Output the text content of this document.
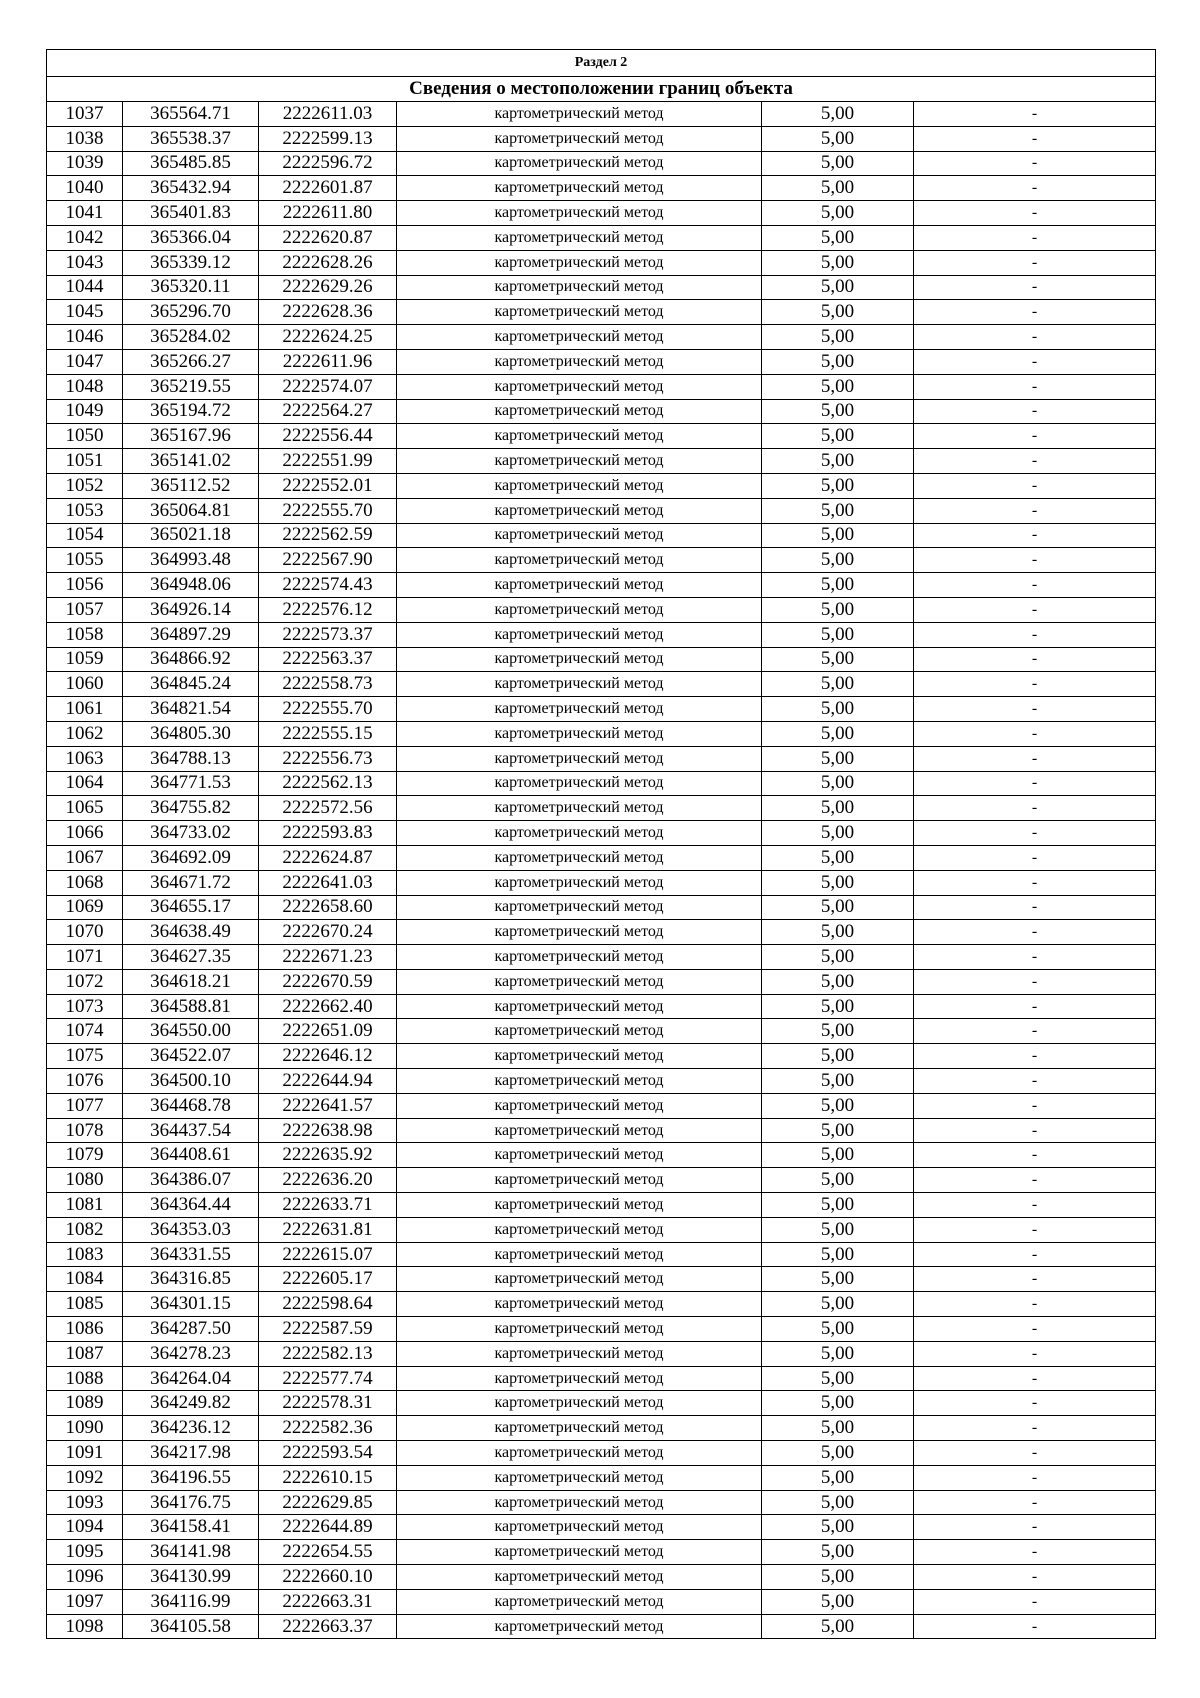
Раздел 2					
Сведения о местоположении границ объекта					
1037	365564.71	2222611.03	картометрический метод	5,00	-
1038	365538.37	2222599.13	картометрический метод	5,00	-
1039	365485.85	2222596.72	картометрический метод	5,00	-
1040	365432.94	2222601.87	картометрический метод	5,00	-
1041	365401.83	2222611.80	картометрический метод	5,00	-
1042	365366.04	2222620.87	картометрический метод	5,00	-
1043	365339.12	2222628.26	картометрический метод	5,00	-
1044	365320.11	2222629.26	картометрический метод	5,00	-
1045	365296.70	2222628.36	картометрический метод	5,00	-
1046	365284.02	2222624.25	картометрический метод	5,00	-
1047	365266.27	2222611.96	картометрический метод	5,00	-
1048	365219.55	2222574.07	картометрический метод	5,00	-
1049	365194.72	2222564.27	картометрический метод	5,00	-
1050	365167.96	2222556.44	картометрический метод	5,00	-
1051	365141.02	2222551.99	картометрический метод	5,00	-
1052	365112.52	2222552.01	картометрический метод	5,00	-
1053	365064.81	2222555.70	картометрический метод	5,00	-
1054	365021.18	2222562.59	картометрический метод	5,00	-
1055	364993.48	2222567.90	картометрический метод	5,00	-
1056	364948.06	2222574.43	картометрический метод	5,00	-
1057	364926.14	2222576.12	картометрический метод	5,00	-
1058	364897.29	2222573.37	картометрический метод	5,00	-
1059	364866.92	2222563.37	картометрический метод	5,00	-
1060	364845.24	2222558.73	картометрический метод	5,00	-
1061	364821.54	2222555.70	картометрический метод	5,00	-
1062	364805.30	2222555.15	картометрический метод	5,00	-
1063	364788.13	2222556.73	картометрический метод	5,00	-
1064	364771.53	2222562.13	картометрический метод	5,00	-
1065	364755.82	2222572.56	картометрический метод	5,00	-
1066	364733.02	2222593.83	картометрический метод	5,00	-
1067	364692.09	2222624.87	картометрический метод	5,00	-
1068	364671.72	2222641.03	картометрический метод	5,00	-
1069	364655.17	2222658.60	картометрический метод	5,00	-
1070	364638.49	2222670.24	картометрический метод	5,00	-
1071	364627.35	2222671.23	картометрический метод	5,00	-
1072	364618.21	2222670.59	картометрический метод	5,00	-
1073	364588.81	2222662.40	картометрический метод	5,00	-
1074	364550.00	2222651.09	картометрический метод	5,00	-
1075	364522.07	2222646.12	картометрический метод	5,00	-
1076	364500.10	2222644.94	картометрический метод	5,00	-
1077	364468.78	2222641.57	картометрический метод	5,00	-
1078	364437.54	2222638.98	картометрический метод	5,00	-
1079	364408.61	2222635.92	картометрический метод	5,00	-
1080	364386.07	2222636.20	картометрический метод	5,00	-
1081	364364.44	2222633.71	картометрический метод	5,00	-
1082	364353.03	2222631.81	картометрический метод	5,00	-
1083	364331.55	2222615.07	картометрический метод	5,00	-
1084	364316.85	2222605.17	картометрический метод	5,00	-
1085	364301.15	2222598.64	картометрический метод	5,00	-
1086	364287.50	2222587.59	картометрический метод	5,00	-
1087	364278.23	2222582.13	картометрический метод	5,00	-
1088	364264.04	2222577.74	картометрический метод	5,00	-
1089	364249.82	2222578.31	картометрический метод	5,00	-
1090	364236.12	2222582.36	картометрический метод	5,00	-
1091	364217.98	2222593.54	картометрический метод	5,00	-
1092	364196.55	2222610.15	картометрический метод	5,00	-
1093	364176.75	2222629.85	картометрический метод	5,00	-
1094	364158.41	2222644.89	картометрический метод	5,00	-
1095	364141.98	2222654.55	картометрический метод	5,00	-
1096	364130.99	2222660.10	картометрический метод	5,00	-
1097	364116.99	2222663.31	картометрический метод	5,00	-
1098	364105.58	2222663.37	картометрический метод	5,00	-
